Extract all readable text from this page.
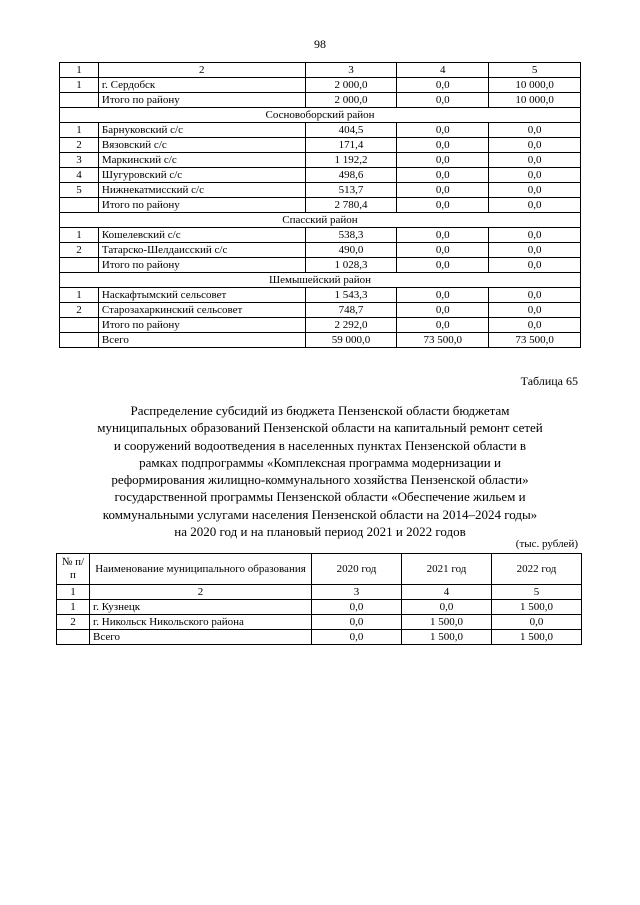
98
1	2	3	4	5
1	г. Сердобск	2 000,0	0,0	10 000,0
	Итого по району	2 000,0	0,0	10 000,0
Сосновоборский район				
1	Барнуковский с/с	404,5	0,0	0,0
2	Вязовский с/с	171,4	0,0	0,0
3	Маркинский с/с	1 192,2	0,0	0,0
4	Шугуровский с/с	498,6	0,0	0,0
5	Нижнекатмисский с/с	513,7	0,0	0,0
	Итого по району	2 780,4	0,0	0,0
Спасский район				
1	Кошелевский с/с	538,3	0,0	0,0
2	Татарско-Шелдаисский с/с	490,0	0,0	0,0
	Итого по району	1 028,3	0,0	0,0
Шемышейский район				
1	Наскафтымский сельсовет	1 543,3	0,0	0,0
2	Старозахаркинский сельсовет	748,7	0,0	0,0
	Итого по району	2 292,0	0,0	0,0
	Всего	59 000,0	73 500,0	73 500,0
Таблица 65
Распределение субсидий из бюджета Пензенской области бюджетам
муниципальных образований Пензенской области на капитальный ремонт сетей
и сооружений водоотведения в населенных пунктах Пензенской области в
рамках подпрограммы «Комплексная программа модернизации и
реформирования жилищно-коммунального хозяйства Пензенской области»
государственной программы Пензенской области «Обеспечение жильем и
коммунальными услугами населения Пензенской области на 2014–2024 годы»
на 2020 год и на плановый период 2021 и 2022 годов
(тыс. рублей)
№ п/п	Наименование муниципального образования	2020 год	2021 год	2022 год
1	2	3	4	5
1	г. Кузнецк	0,0	0,0	1 500,0
2	г. Никольск Никольского района	0,0	1 500,0	0,0
	Всего	0,0	1 500,0	1 500,0
